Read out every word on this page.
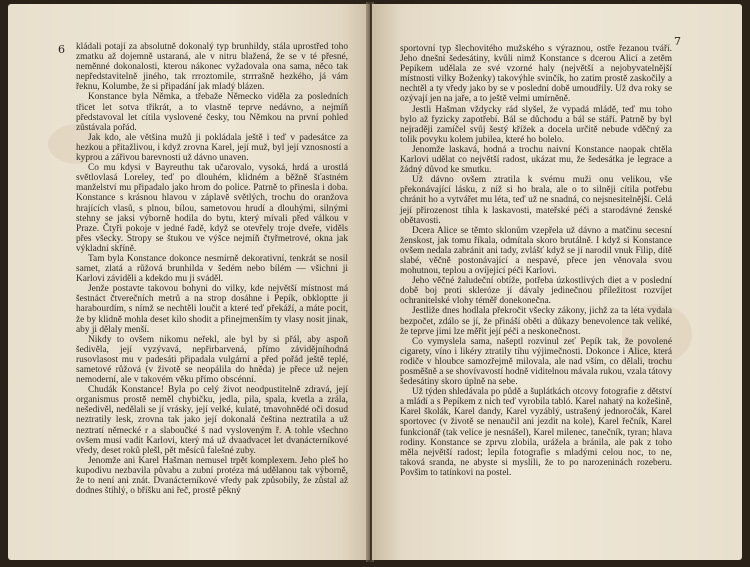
6 kládali potají za absolutně dokonalý typ brunhildy, stála uprostřed toho zmatku až dojemně ustaraná, ale v nitru blažená, že se v té přesné, neměnné dokonalosti, kterou nákonec vyžadovala ona sama, něco tak nepředstavitelně jiného, tak rrroztomile, strrrašně hezkého, já vám řeknu, Kolumbe, že si připadání jak mladý blázen.

Konstance byla Němka, a třebaže Německo viděla za posledních třicet let sotva třikrát, a to vlastně teprve nedávno, a nejmíň představoval let cítila vyslovené česky, tou Němkou na první pohled zůstávala pořád.

Jak kdo, ale většina mužů ji pokládala ještě i teď v padesátce za hezkou a přitažlivou, i když zrovna Karel, její muž, byl její vznosností a kyprou a zářivou barevností už dávno unaven.

Co mu kdysi v Bayreuthu tak učarovalo, vysoká, hrdá a urostlá světlovlasá Loreley, teď po dlouhém, klidném a běžně šťastném manželství mu připadalo jako hrom do police. Patrně to přinesla i doba. Konstance s krásnou hlavou v záplavě světlých, trochu do oranžova hrajících vlasů, s plnou, bílou, sametovou hrudí a dlouhými, silnými stehny se jaksi výborně hodila do bytu, který mívali před válkou v Praze. Čtyři pokoje v jedné řadě, když se otevřely troje dveře, viděls přes všecky. Stropy se štukou ve výšce nejmíň čtyřmetrové, okna jak výkladní skříně.

Tam byla Konstance dokonce nesmírně dekorativní, tenkrát se nosil samet, zlatá a růžová brunhilda v šedém nebo bílém — všichni ji Karlovi záviděli a kdekdo mu ji sváděl.

Jenže postavte takovou bohyni do vilky, kde největší místnost má šestnáct čtverečních metrů a na strop dosáhne i Pepík, obkloptte ji harabourdím, s nímž se nechtěli loučit a které teď překáží, a máte pocit, že by klidně mohla deset kilo shodit a přinejmenším ty vlasy nosit jinak, aby ji dělaly menší.

Nikdy to ovšem nikomu neřekl, ale byl by si přál, aby aspoň šedivěla, její vyzývavá, nepřirbarvená, přímo závidějníhodná rusovlasost mu v padesáti připadala vulgární a před pořád ještě teplé, sametové růžová (v životě se neopálila do hněda) je přece už nejen nemoderní, ale v takovém věku přímo obscénní.

Chudák Konstance! Byla po celý život neodpustitelně zdravá, její organismus prostě neměl chybičku, jedla, pila, spala, kvetla a zrála, nešedivěl, nedělali se jí vrásky, její velké, kulaté, tmavohnědé oči dosud neztratily lesk, zrovna tak jako její dokonalá čeština neztratila a už neztratí německé r a slaboučké š nad vysloveným ř. A tohle všechno ovšem musí vadit Karlovi, který má už dvaadvacet let dvanácterníkové vředy, deset roků plešl, pět měsíců falešné zuby.

Jenomže ani Karel Hašman nemusel trpět komplexem. Jeho pleš ho kupodivu nezbavila půvabu a zubní protéza má udělanou tak výborně, že to není ani znát. Dvanácterníkové vředy pak způsobily, že zůstal až dodnes štíhlý, o bříšku ani řeč, prostě pěkný

7

sportovní typ šlechovitého mužského s výraznou, ostře řezanou tváří. Jeho dnešní šedesátiny, kvůli nimž Konstance s dcerou Alicí a zetěm Pepíkem udělala ze své vzorné haly (největší a nejobyvatelnější místnosti vilky Boženky) takovýhle svinčík, ho zatím prostě zaskočily a nechtěl a ty vředy jako by se v poslední době umoudřily. Už dva roky se ozývají jen na jaře, a to ještě velmi umírněně.

Jestli Hašman vždycky rád slyšel, že vypadá mládě, teď mu toho bylo až fyzicky zapotřebí. Bál se důchodu a bál se stáří. Patrně by byl nejraději zamíčel svůj šestý křížek a docela určitě nebude vděčný za tolik povyku kolem jubilea, které ho bolelo.

Jenomže laskavá, hodná a trochu naivní Konstance naopak chtěla Karlovi udělat co největší radost, ukázat mu, že šedesátka je legrace a žádný důvod ke smutku.

Už dávno ovšem ztratila k svému muži onu velikou, vše překonávající lásku, z níž si ho brala, ale o to silněji cítila potřebu chránit ho a vytvářet mu léta, teď už ne snadná, co nejsnesitelnější. Celá její přirozenost tíhla k laskavosti, mateřské péči a starodávné ženské obětavosti.

Dcera Alice se těmto sklonům vzepřela už dávno a matčinu secesní ženskost, jak tomu říkala, odmítala skoro brutálně. I když si Konstance ovšem nedala zabránit ani tady, zvlášť když se jí narodil vnuk Filip, dítě slabé, věčně postonávající a nespavé, přece jen věnovala svou mohutnou, teplou a ovíjející péči Karlovi.

Jeho věčné žaludeční obtíže, potřeba úzkostlivých diet a v poslední době boj proti skleróze jí dávaly jedinečnou příležitost rozvíjet ochranitelské vlohy téměř donekonečna.

Jestliže dnes hodlala překročit všecky zákony, jichž za ta léta vydala bezpočet, zdálo se jí, že přináší oběti a důkazy benevolence tak veliké, že teprve jimi lze měřit její péči a neskonečnost.

Co vymyslela sama, našeptl rozvinul zeť Pepík tak, že povolené cigarety, víno i likéry ztratily tíhu výjimečnosti. Dokonce i Alice, která rodiče v hloubce samozřejmě milovala, ale nad vším, co dělali, trochu posměšně a se shovívavostí hodně viditelnou mávala rukou, vzala tátovy šedesátiny skoro úplně na sebe.

Už týden shledávala po půdě a šuplátkách otcovy fotografie z dětství a mládí a s Pepíkem z nich teď vyrobila tabló. Karel nahatý na kožešině, Karel školák, Karel dandy, Karel vyzáblý, ustrašený jednoročák, Karel sportovec (v životě se nenaučil ani jezdit na kole), Karel řečník, Karel funkcionář (tak velice je nesnášel), Karel milenec, tanečník, tyran; hlava rodiny. Konstance se zprvu zlobila, urážela a bránila, ale pak z toho měla největší radost; lepila fotografie s mladými celou noc, to ne, taková sranda, ne abyste si myslili, že to po narozeninách rozeberu. Povšim to tatínkovi na postel.
